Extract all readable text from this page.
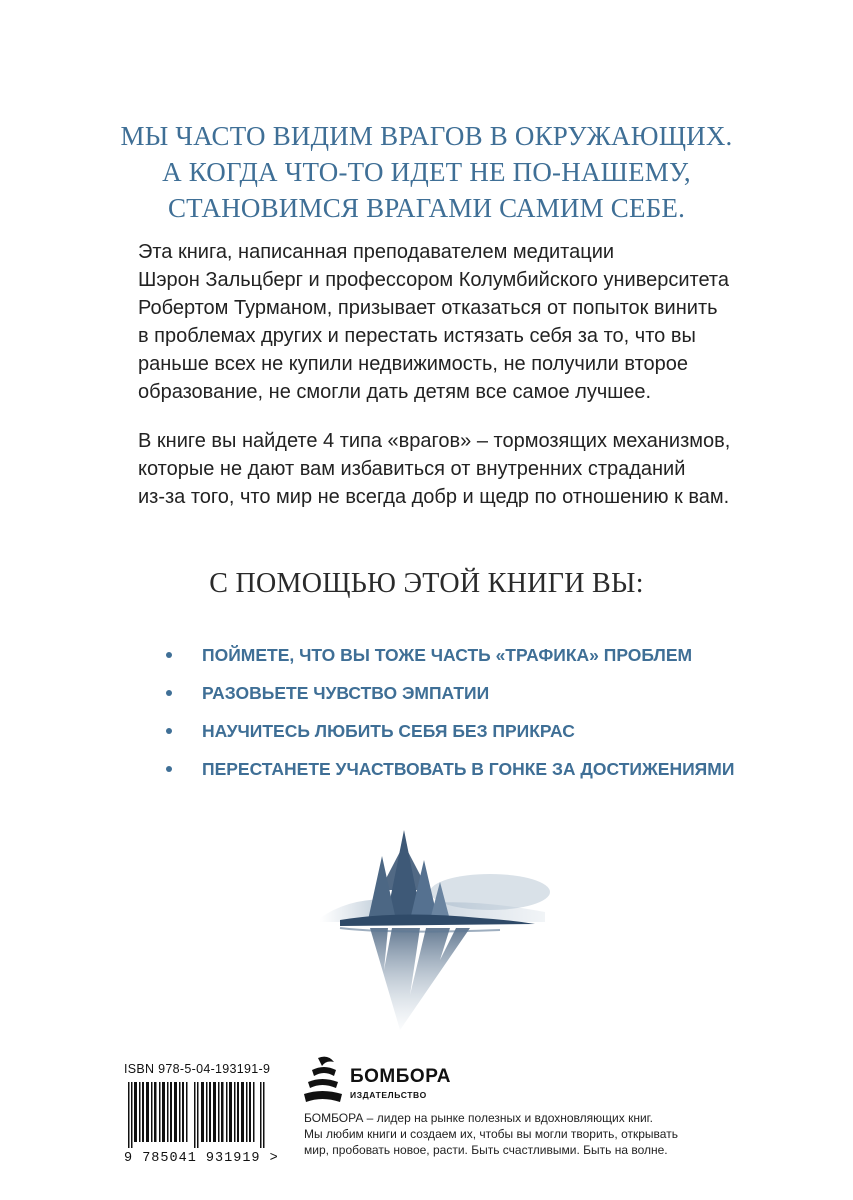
МЫ ЧАСТО ВИДИМ ВРАГОВ В ОКРУЖАЮЩИХ.
А КОГДА ЧТО-ТО ИДЕТ НЕ ПО-НАШЕМУ,
СТАНОВИМСЯ ВРАГАМИ САМИМ СЕБЕ.
Эта книга, написанная преподавателем медитации
Шэрон Зальцберг и профессором Колумбийского университета
Робертом Турманом, призывает отказаться от попыток винить
в проблемах других и перестать истязать себя за то, что вы
раньше всех не купили недвижимость, не получили второе
образование, не смогли дать детям все самое лучшее.
В книге вы найдете 4 типа «врагов» – тормозящих механизмов,
которые не дают вам избавиться от внутренних страданий
из-за того, что мир не всегда добр и щедр по отношению к вам.
С ПОМОЩЬЮ ЭТОЙ КНИГИ ВЫ:
ПОЙМЕТЕ, ЧТО ВЫ ТОЖЕ ЧАСТЬ «ТРАФИКА» ПРОБЛЕМ
РАЗОВЬЕТЕ ЧУВСТВО ЭМПАТИИ
НАУЧИТЕСЬ ЛЮБИТЬ СЕБЯ БЕЗ ПРИКРАС
ПЕРЕСТАНЕТЕ УЧАСТВОВАТЬ В ГОНКЕ ЗА ДОСТИЖЕНИЯМИ
ISBN 978-5-04-193191-9
9 785041 931919 >
БОМБОРА
ИЗДАТЕЛЬСТВО
БОМБОРА – лидер на рынке полезных и вдохновляющих книг.
Мы любим книги и создаем их, чтобы вы могли творить, открывать
мир, пробовать новое, расти. Быть счастливыми. Быть на волне.
